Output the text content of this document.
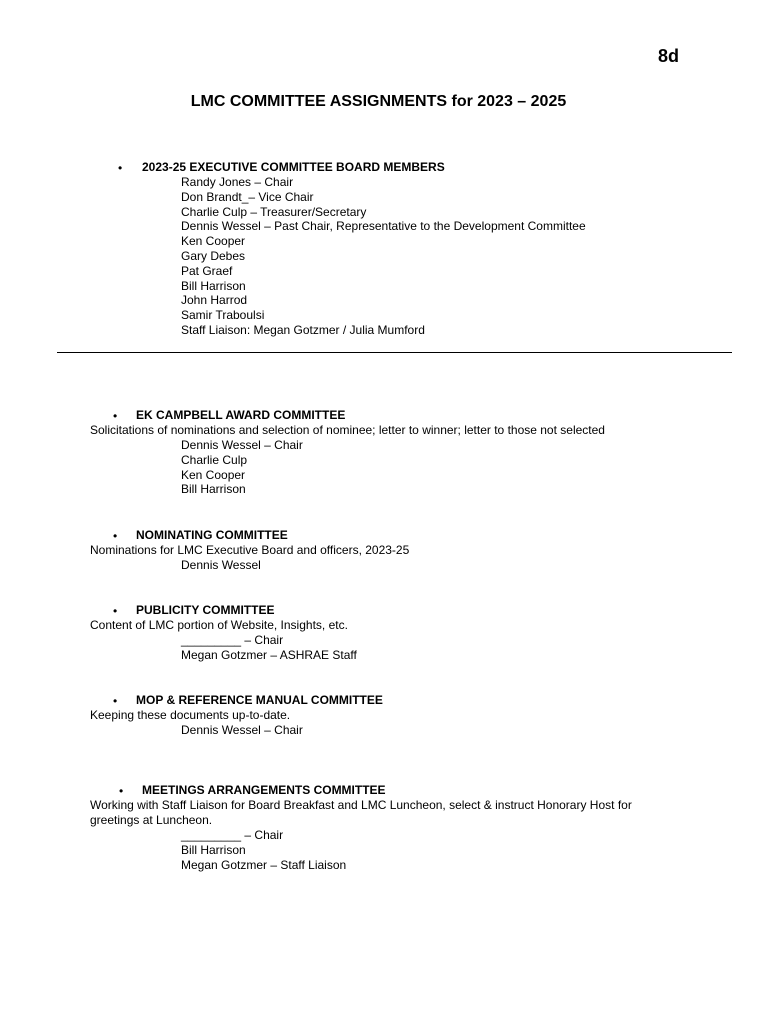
8d
LMC COMMITTEE ASSIGNMENTS for 2023 – 2025
• 2023-25 EXECUTIVE COMMITTEE BOARD MEMBERS
Randy Jones – Chair
Don Brandt_– Vice Chair
Charlie Culp – Treasurer/Secretary
Dennis Wessel – Past Chair, Representative to the Development Committee
Ken Cooper
Gary Debes
Pat Graef
Bill Harrison
John Harrod
Samir Traboulsi
Staff Liaison: Megan Gotzmer / Julia Mumford
• EK CAMPBELL AWARD COMMITTEE
Solicitations of nominations and selection of nominee; letter to winner; letter to those not selected
Dennis Wessel – Chair
Charlie Culp
Ken Cooper
Bill Harrison
• NOMINATING COMMITTEE
Nominations for LMC Executive Board and officers, 2023-25
Dennis Wessel
• PUBLICITY COMMITTEE
Content of LMC portion of Website, Insights, etc.
_________ – Chair
Megan Gotzmer – ASHRAE Staff
• MOP & REFERENCE MANUAL COMMITTEE
Keeping these documents up-to-date.
Dennis Wessel – Chair
• MEETINGS ARRANGEMENTS COMMITTEE
Working with Staff Liaison for Board Breakfast and LMC Luncheon, select & instruct Honorary Host for
greetings at Luncheon.
_________ – Chair
Bill Harrison
Megan Gotzmer – Staff Liaison
